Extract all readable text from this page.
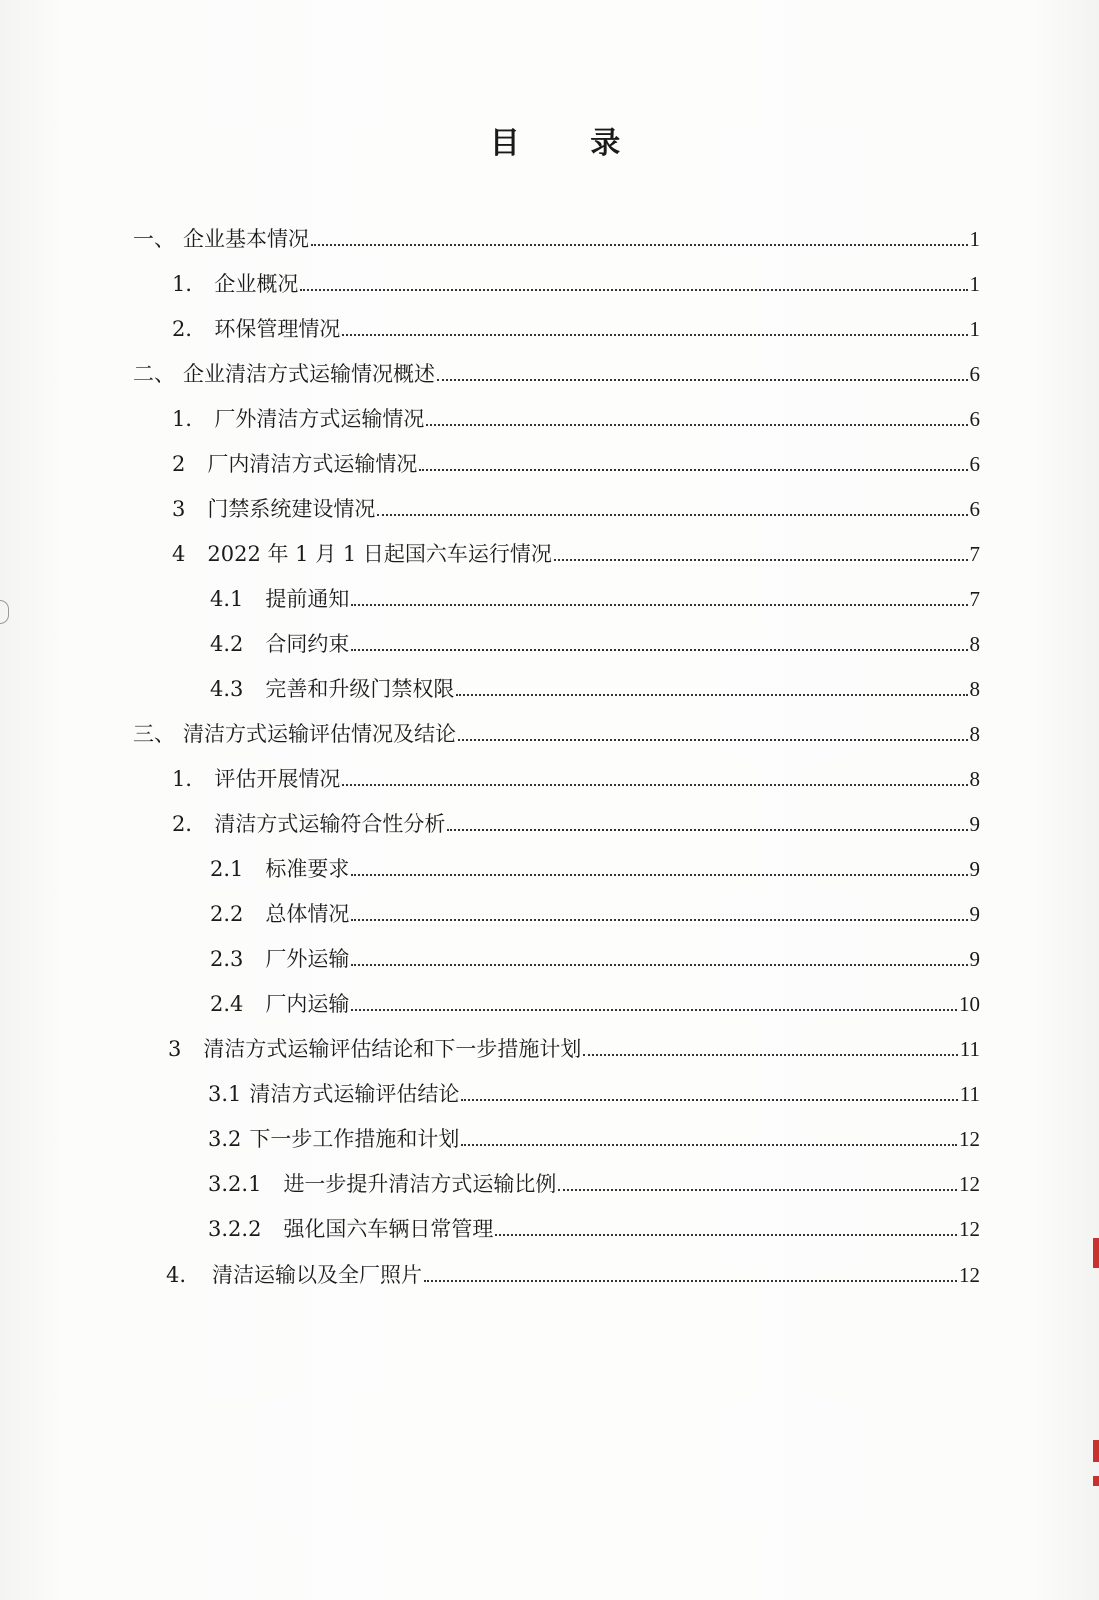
目 录
一、 企业基本情况	1
1． 企业概况	1
2． 环保管理情况	1
二、 企业清洁方式运输情况概述	6
1． 厂外清洁方式运输情况	6
2 厂内清洁方式运输情况	6
3 门禁系统建设情况	6
4 2022 年 1 月 1 日起国六车运行情况	7
4.1 提前通知	7
4.2 合同约束	8
4.3 完善和升级门禁权限	8
三、 清洁方式运输评估情况及结论	8
1． 评估开展情况	8
2． 清洁方式运输符合性分析	9
2.1 标准要求	9
2.2 总体情况	9
2.3 厂外运输	9
2.4 厂内运输	10
3 清洁方式运输评估结论和下一步措施计划	11
3.1 清洁方式运输评估结论	11
3.2 下一步工作措施和计划	12
3.2.1 进一步提升清洁方式运输比例	12
3.2.2 强化国六车辆日常管理	12
4. 清洁运输以及全厂照片	12
